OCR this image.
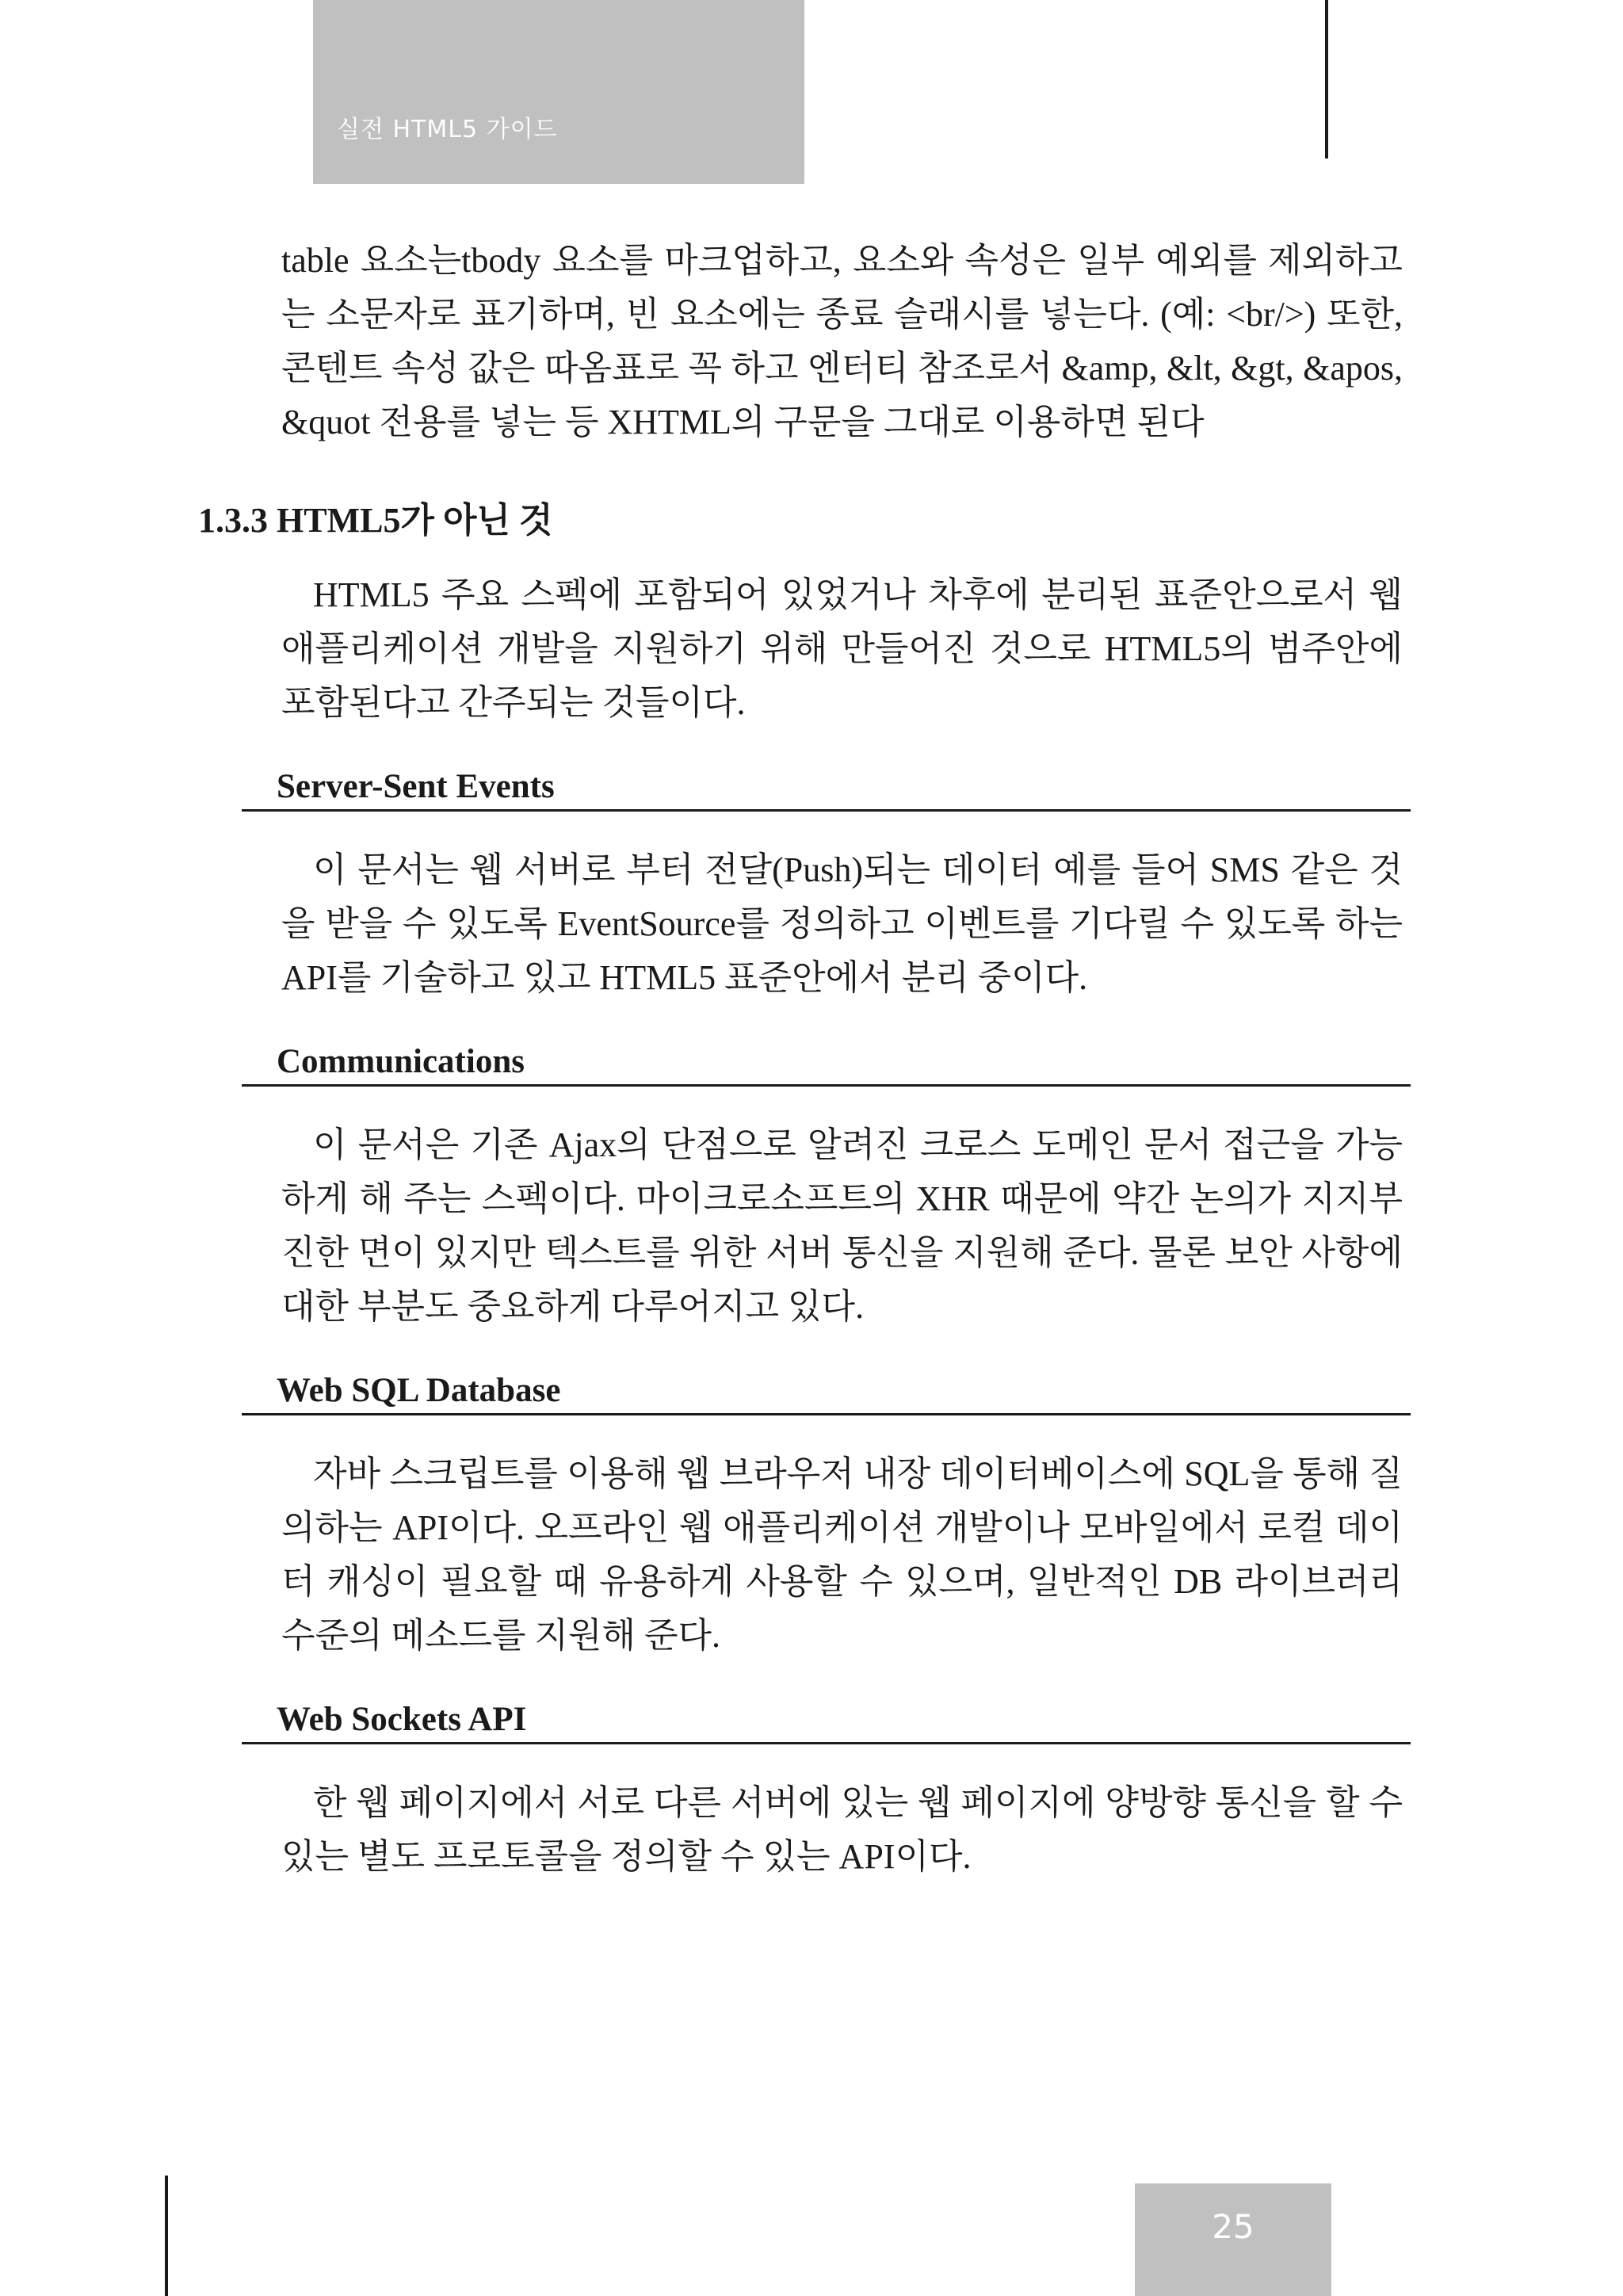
실전 HTML5 가이드

table 요소는tbody 요소를 마크업하고, 요소와 속성은 일부 예외를 제외하고는 소문자로 표기하며, 빈 요소에는 종료 슬래시를 넣는다. (예: <br/>) 또한, 콘텐트 속성 값은 따옴표로 꼭 하고 엔터티 참조로서 &amp, &lt, &gt, &apos, &quot 전용를 넣는 등 XHTML의 구문을 그대로 이용하면 된다

1.3.3 HTML5가 아닌 것

HTML5 주요 스펙에 포함되어 있었거나 차후에 분리된 표준안으로서 웹 애플리케이션 개발을 지원하기 위해 만들어진 것으로 HTML5의 범주안에 포함된다고 간주되는 것들이다.

Server-Sent Events

이 문서는 웹 서버로 부터 전달(Push)되는 데이터 예를 들어 SMS 같은 것을 받을 수 있도록 EventSource를 정의하고 이벤트를 기다릴 수 있도록 하는 API를 기술하고 있고 HTML5 표준안에서 분리 중이다.

Communications

이 문서은 기존 Ajax의 단점으로 알려진 크로스 도메인 문서 접근을 가능하게 해 주는 스펙이다. 마이크로소프트의 XHR 때문에 약간 논의가 지지부진한 면이 있지만 텍스트를 위한 서버 통신을 지원해 준다. 물론 보안 사항에 대한 부분도 중요하게 다루어지고 있다.

Web SQL Database

자바 스크립트를 이용해 웹 브라우저 내장 데이터베이스에 SQL을 통해 질의하는 API이다. 오프라인 웹 애플리케이션 개발이나 모바일에서 로컬 데이터 캐싱이 필요할 때 유용하게 사용할 수 있으며, 일반적인 DB 라이브러리 수준의 메소드를 지원해 준다.

Web Sockets API

한 웹 페이지에서 서로 다른 서버에 있는 웹 페이지에 양방향 통신을 할 수 있는 별도 프로토콜을 정의할 수 있는 API이다.

25
